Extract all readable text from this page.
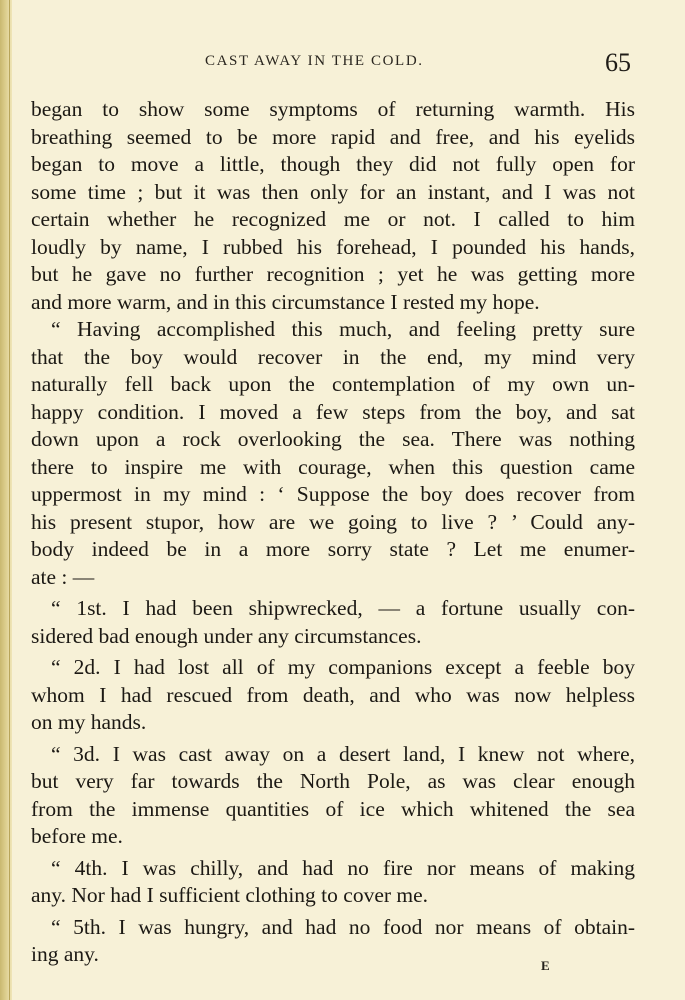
CAST AWAY IN THE COLD.	65
began to show some symptoms of returning warmth. His
breathing seemed to be more rapid and free, and his eyelids
began to move a little, though they did not fully open for
some time ; but it was then only for an instant, and I was not
certain whether he recognized me or not. I called to him
loudly by name, I rubbed his forehead, I pounded his hands,
but he gave no further recognition ; yet he was getting more
and more warm, and in this circumstance I rested my hope.
“ Having accomplished this much, and feeling pretty sure
that the boy would recover in the end, my mind very
naturally fell back upon the contemplation of my own un-
happy condition. I moved a few steps from the boy, and sat
down upon a rock overlooking the sea. There was nothing
there to inspire me with courage, when this question came
uppermost in my mind : ‘ Suppose the boy does recover from
his present stupor, how are we going to live ? ’ Could any-
body indeed be in a more sorry state ? Let me enumer-
ate : —
“ 1st. I had been shipwrecked, — a fortune usually con-
sidered bad enough under any circumstances.
“ 2d. I had lost all of my companions except a feeble boy
whom I had rescued from death, and who was now helpless
on my hands.
“ 3d. I was cast away on a desert land, I knew not where,
but very far towards the North Pole, as was clear enough
from the immense quantities of ice which whitened the sea
before me.
“ 4th. I was chilly, and had no fire nor means of making
any. Nor had I sufficient clothing to cover me.
“ 5th. I was hungry, and had no food nor means of obtain-
ing any.	E
